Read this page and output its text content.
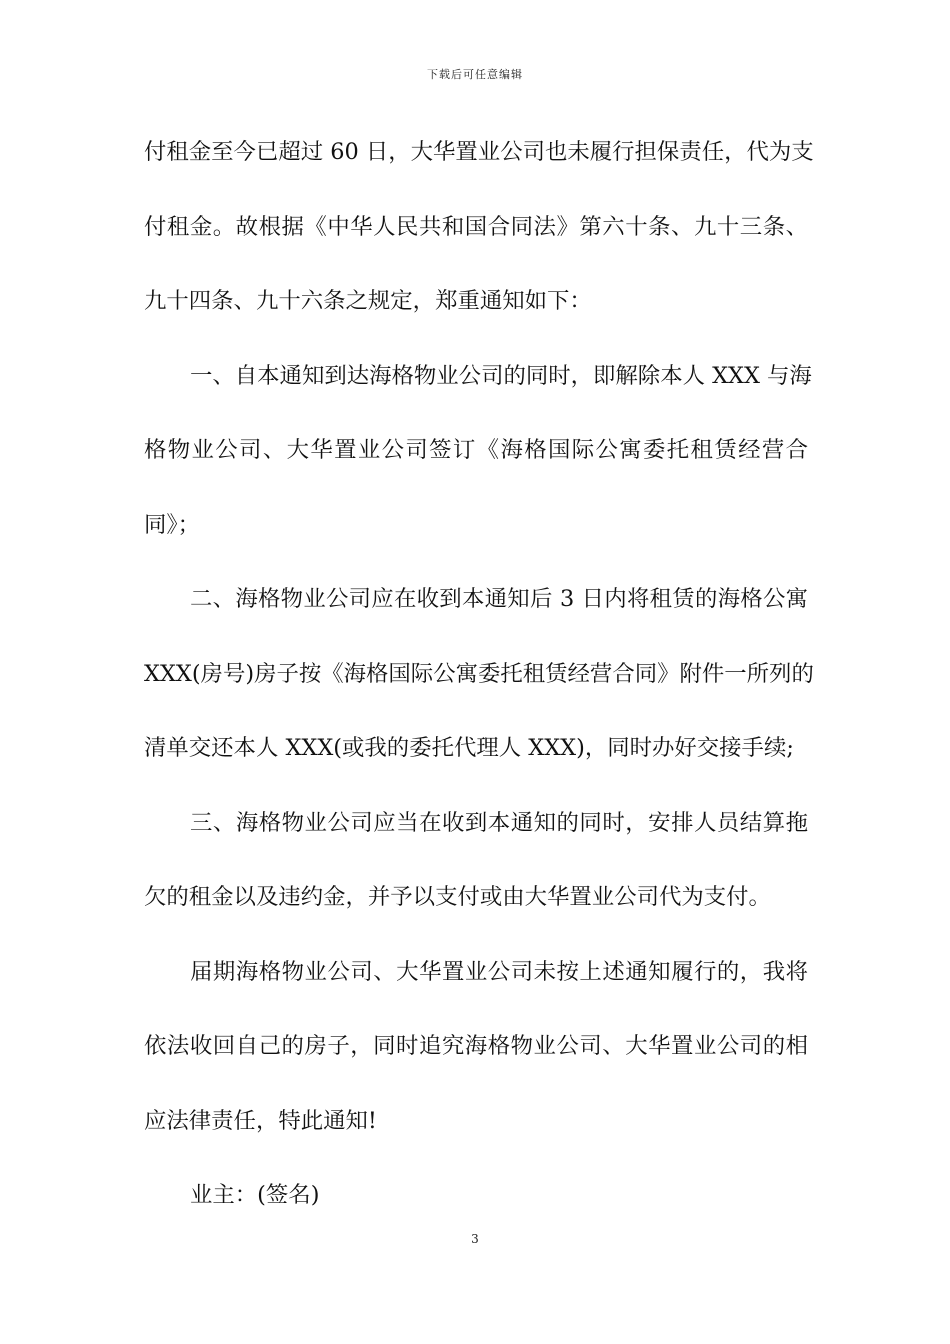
下载后可任意编辑
付租金至今已超过 60 日，大华置业公司也未履行担保责任，代为支
付租金。故根据《中华人民共和国合同法》第六十条、九十三条、
九十四条、九十六条之规定，郑重通知如下：
一、自本通知到达海格物业公司的同时，即解除本人 XXX 与海
格物业公司、大华置业公司签订《海格国际公寓委托租赁经营合
同》；
二、海格物业公司应在收到本通知后 3 日内将租赁的海格公寓
XXX(房号)房子按《海格国际公寓委托租赁经营合同》附件一所列的
清单交还本人 XXX(或我的委托代理人 XXX)，同时办好交接手续;
三、海格物业公司应当在收到本通知的同时，安排人员结算拖
欠的租金以及违约金，并予以支付或由大华置业公司代为支付。
届期海格物业公司、大华置业公司未按上述通知履行的，我将
依法收回自己的房子，同时追究海格物业公司、大华置业公司的相
应法律责任，特此通知!
业主：(签名)
3
